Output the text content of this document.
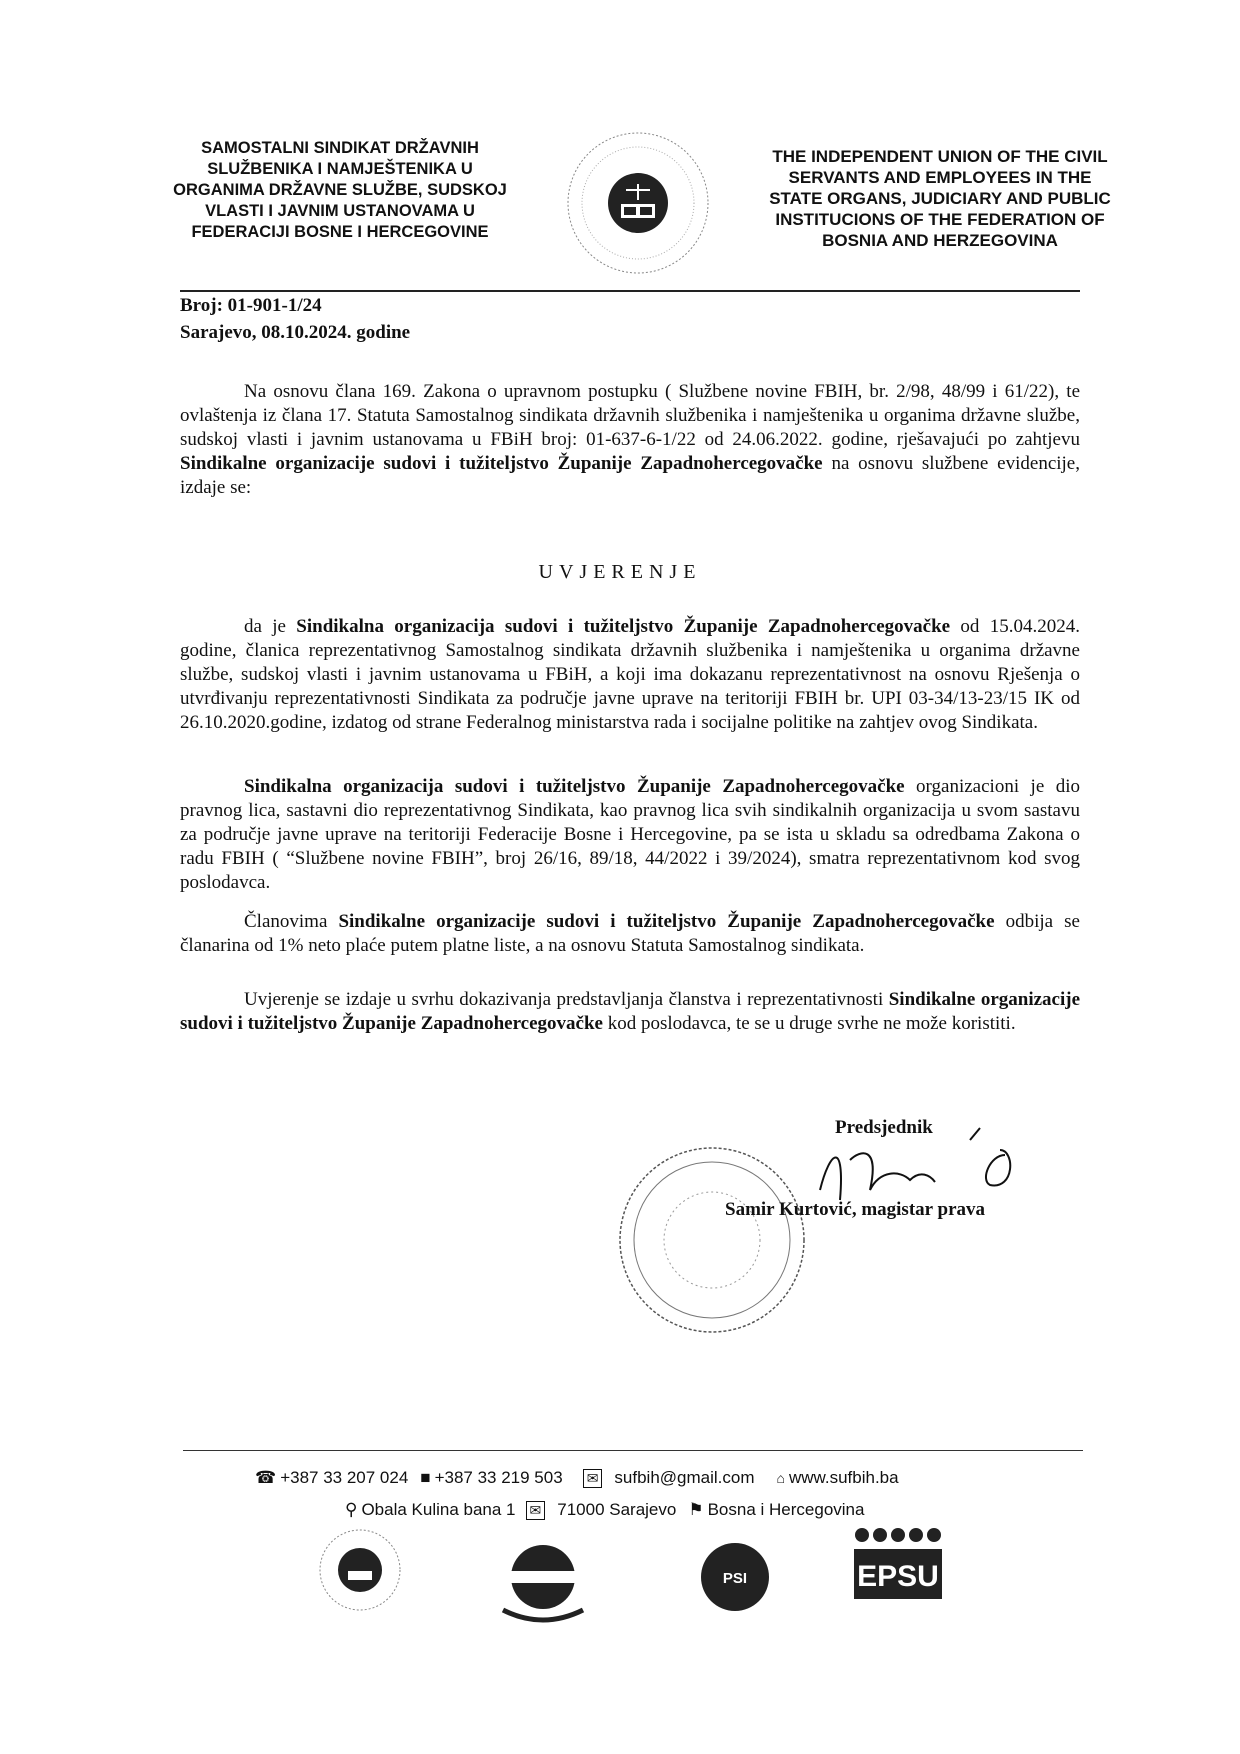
SAMOSTALNI SINDIKAT DRŽAVNIH
SLUŽBENIKA I NAMJEŠTENIKA U
ORGANIMA DRŽAVNE SLUŽBE, SUDSKOJ
VLASTI I JAVNIM USTANOVAMA U
FEDERACIJI BOSNE I HERCEGOVINE
THE INDEPENDENT UNION OF THE CIVIL
SERVANTS AND EMPLOYEES IN THE
STATE ORGANS, JUDICIARY AND PUBLIC
INSTITUCIONS OF THE FEDERATION OF
BOSNIA AND HERZEGOVINA
Broj: 01-901-1/24
Sarajevo, 08.10.2024. godine
Na osnovu člana 169. Zakona o upravnom postupku ( Službene novine FBIH, br. 2/98, 48/99 i 61/22), te ovlaštenja iz člana 17. Statuta Samostalnog sindikata državnih službenika i namještenika u organima državne službe, sudskoj vlasti i javnim ustanovama u FBiH broj: 01-637-6-1/22 od 24.06.2022. godine, rješavajući po zahtjevu Sindikalne organizacije sudovi i tužiteljstvo Županije Zapadnohercegovačke na osnovu službene evidencije, izdaje se:
UVJERENJE
da je Sindikalna organizacija sudovi i tužiteljstvo Županije Zapadnohercegovačke od 15.04.2024. godine, članica reprezentativnog Samostalnog sindikata državnih službenika i namještenika u organima državne službe, sudskoj vlasti i javnim ustanovama u FBiH, a koji ima dokazanu reprezentativnost na osnovu Rješenja o utvrđivanju reprezentativnosti Sindikata za područje javne uprave na teritoriji FBIH br. UPI 03-34/13-23/15 IK od 26.10.2020.godine, izdatog od strane Federalnog ministarstva rada i socijalne politike na zahtjev ovog Sindikata.
Sindikalna organizacija sudovi i tužiteljstvo Županije Zapadnohercegovačke organizacioni je dio pravnog lica, sastavni dio reprezentativnog Sindikata, kao pravnog lica svih sindikalnih organizacija u svom sastavu za područje javne uprave na teritoriji Federacije Bosne i Hercegovine, pa se ista u skladu sa odredbama Zakona o radu FBIH ( “Službene novine FBIH”, broj 26/16, 89/18, 44/2022 i 39/2024), smatra reprezentativnom kod svog poslodavca.
Članovima Sindikalne organizacije sudovi i tužiteljstvo Županije Zapadnohercegovačke odbija se članarina od 1% neto plaće putem platne liste, a na osnovu Statuta Samostalnog sindikata.
Uvjerenje se izdaje u svrhu dokazivanja predstavljanja članstva i reprezentativnosti Sindikalne organizacije sudovi i tužiteljstvo Županije Zapadnohercegovačke kod poslodavca, te se u druge svrhe ne može koristiti.
Predsjednik
Samir Kurtović, magistar prava
☎ +387 33 207 024 ■ +387 33 219 503 ✉ sufbih@gmail.com ⌂ www.sufbih.ba
⚲ Obala Kulina bana 1 ✉ 71000 Sarajevo ⚑ Bosna i Hercegovina
PSI	EPSU
